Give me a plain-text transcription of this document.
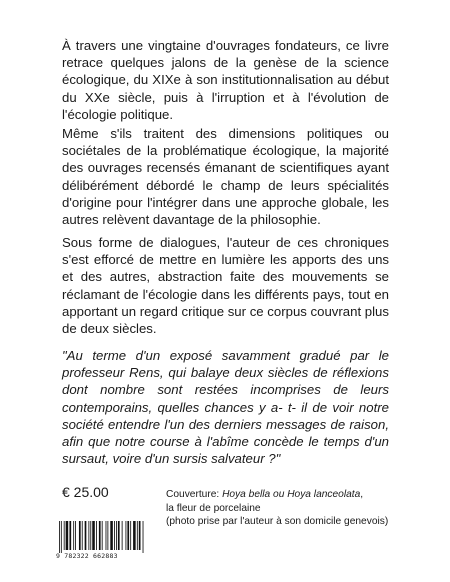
À travers une vingtaine d'ouvrages fondateurs, ce livre retrace quelques jalons de la genèse de la science écologique, du XIXe à son institutionnalisation au début du XXe siècle, puis à l'irruption et à l'évolution de l'écologie politique.

Même s'ils traitent des dimensions politiques ou sociétales de la problématique écologique, la majorité des ouvrages recensés émanant de scientifiques ayant délibérément débordé le champ de leurs spécialités d'origine pour l'intégrer dans une approche globale, les autres relèvent davantage de la philosophie.

Sous forme de dialogues, l'auteur de ces chroniques s'est efforcé de mettre en lumière les apports des uns et des autres, abstraction faite des mouvements se réclamant de l'écologie dans les différents pays, tout en apportant un regard critique sur ce corpus couvrant plus de deux siècles.

"Au terme d'un exposé savamment gradué par le professeur Rens, qui balaye deux siècles de réflexions dont nombre sont restées incomprises de leurs contemporains, quelles chances y a- t- il de voir notre société entendre l'un des derniers messages de raison, afin que notre course à l'abîme concède le temps d'un sursaut, voire d'un sursis salvateur ?"

€ 25.00	Couverture: Hoya bella ou Hoya lanceolata,
la fleur de porcelaine
(photo prise par l'auteur à son domicile genevois)

9 782322 662883
